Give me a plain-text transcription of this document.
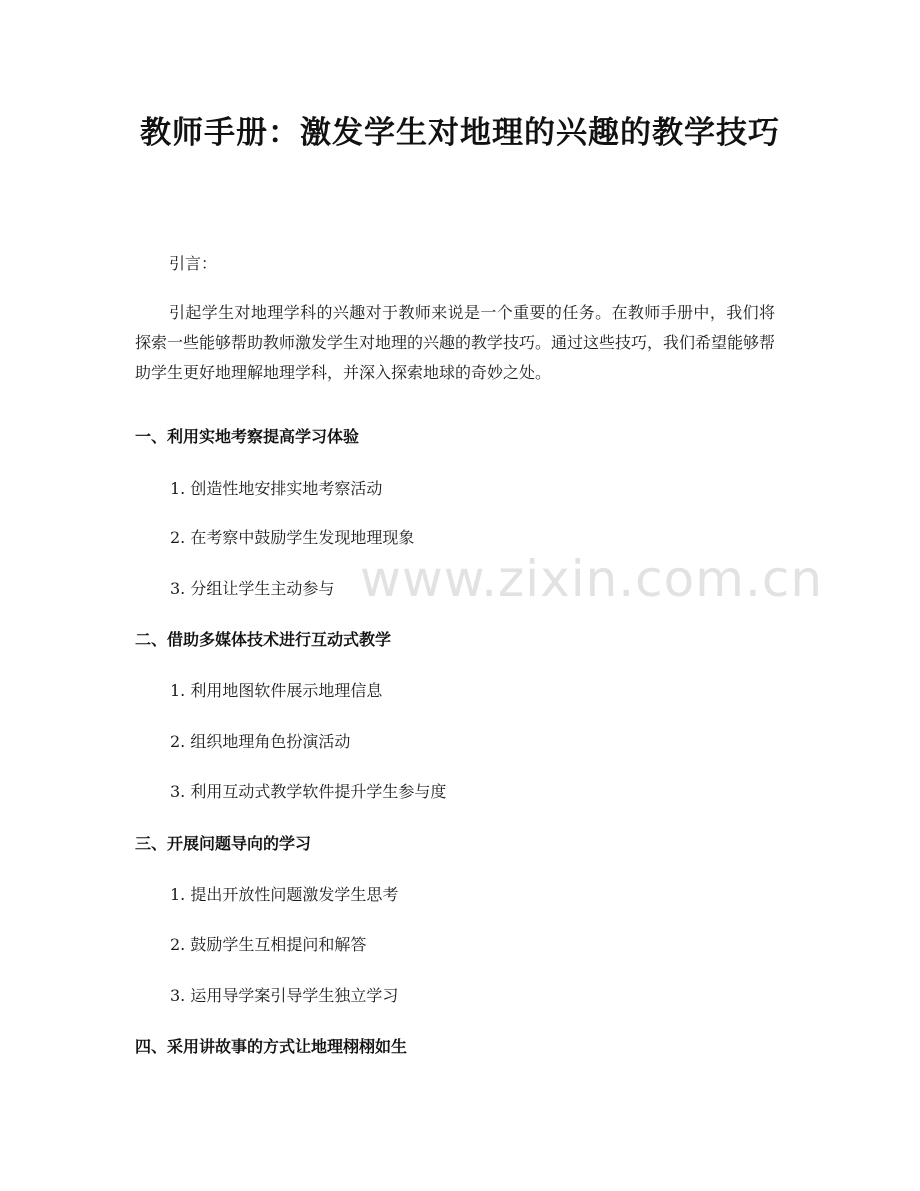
教师手册：激发学生对地理的兴趣的教学技巧
引言：
引起学生对地理学科的兴趣对于教师来说是一个重要的任务。在教师手册中，我们将探索一些能够帮助教师激发学生对地理的兴趣的教学技巧。通过这些技巧，我们希望能够帮助学生更好地理解地理学科，并深入探索地球的奇妙之处。
一、利用实地考察提高学习体验
1. 创造性地安排实地考察活动
2. 在考察中鼓励学生发现地理现象
3. 分组让学生主动参与
二、借助多媒体技术进行互动式教学
1. 利用地图软件展示地理信息
2. 组织地理角色扮演活动
3. 利用互动式教学软件提升学生参与度
三、开展问题导向的学习
1. 提出开放性问题激发学生思考
2. 鼓励学生互相提问和解答
3. 运用导学案引导学生独立学习
四、采用讲故事的方式让地理栩栩如生
www.zixin.com.cn
